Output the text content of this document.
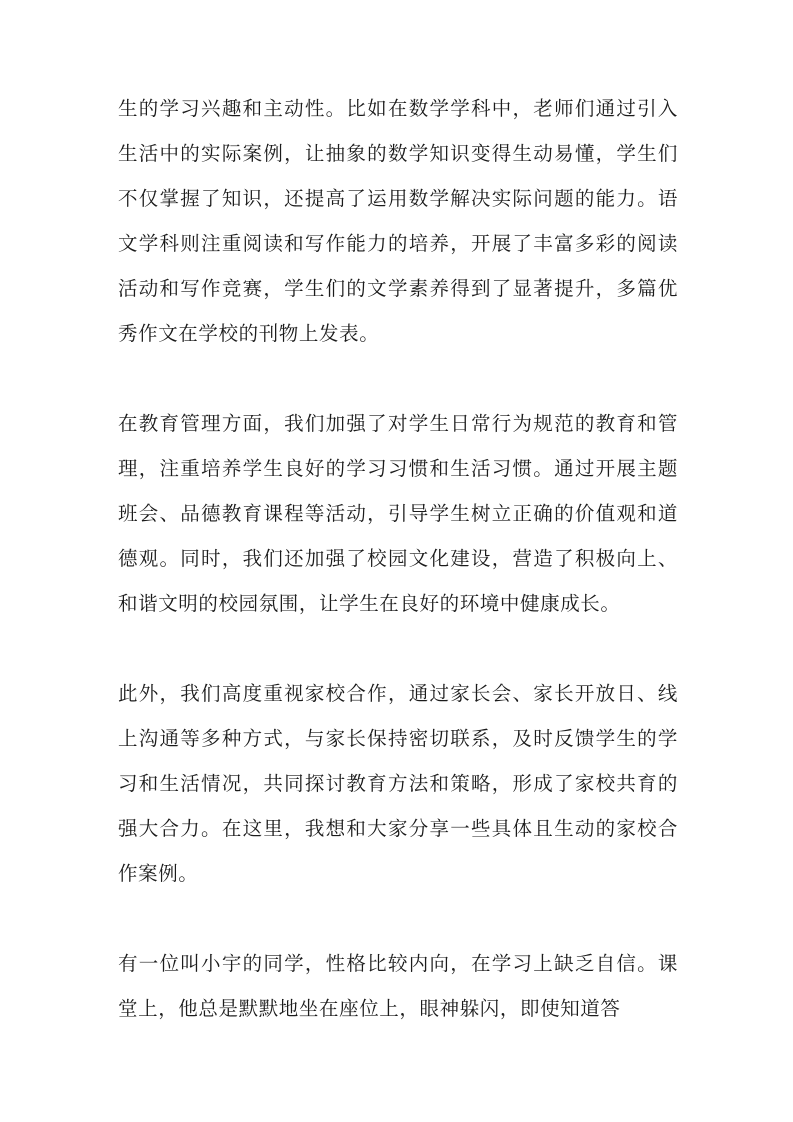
生的学习兴趣和主动性。比如在数学学科中，老师们通过引入生活中的实际案例，让抽象的数学知识变得生动易懂，学生们不仅掌握了知识，还提高了运用数学解决实际问题的能力。语文学科则注重阅读和写作能力的培养，开展了丰富多彩的阅读活动和写作竞赛，学生们的文学素养得到了显著提升，多篇优秀作文在学校的刊物上发表。

在教育管理方面，我们加强了对学生日常行为规范的教育和管理，注重培养学生良好的学习习惯和生活习惯。通过开展主题班会、品德教育课程等活动，引导学生树立正确的价值观和道德观。同时，我们还加强了校园文化建设，营造了积极向上、和谐文明的校园氛围，让学生在良好的环境中健康成长。

此外，我们高度重视家校合作，通过家长会、家长开放日、线上沟通等多种方式，与家长保持密切联系，及时反馈学生的学习和生活情况，共同探讨教育方法和策略，形成了家校共育的强大合力。在这里，我想和大家分享一些具体且生动的家校合作案例。

有一位叫小宇的同学，性格比较内向，在学习上缺乏自信。课堂上，他总是默默地坐在座位上，眼神躲闪，即使知道答
